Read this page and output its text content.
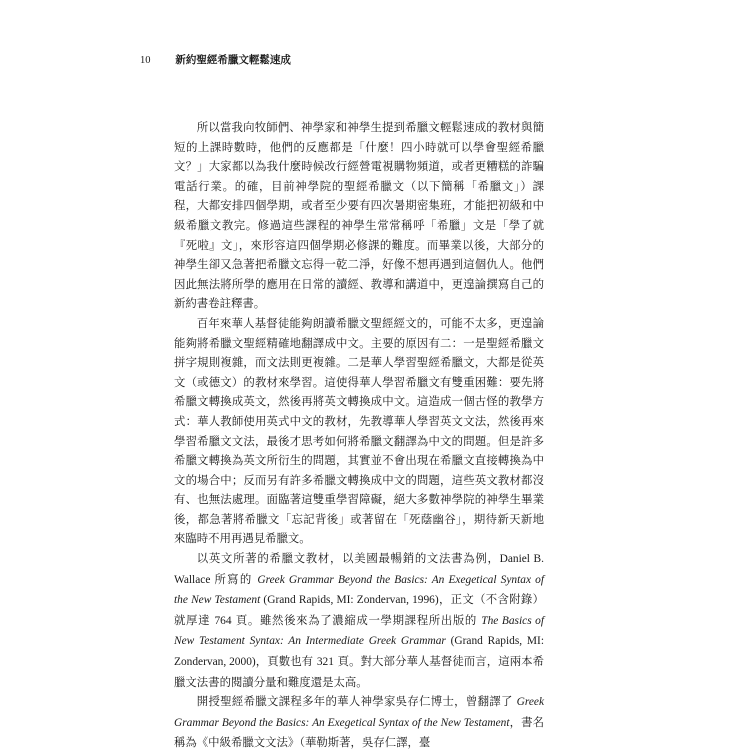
10 新約聖經希臘文輕鬆速成

所以當我向牧師們、神學家和神學生提到希臘文輕鬆速成的教材與簡短的上課時數時，他們的反應都是「什麼！四小時就可以學會聖經希臘文？」大家都以為我什麼時候改行經營電視購物頻道，或者更糟糕的詐騙電話行業。的確，目前神學院的聖經希臘文（以下簡稱「希臘文」）課程，大都安排四個學期，或者至少要有四次暑期密集班，才能把初級和中級希臘文教完。修過這些課程的神學生常常稱呼「希臘」文是「學了就『死啦』文」，來形容這四個學期必修課的難度。而畢業以後，大部分的神學生卻又急著把希臘文忘得一乾二淨，好像不想再遇到這個仇人。他們因此無法將所學的應用在日常的讀經、教導和講道中，更遑論撰寫自己的新約書卷註釋書。

百年來華人基督徒能夠朗讀希臘文聖經經文的，可能不太多，更遑論能夠將希臘文聖經精確地翻譯成中文。主要的原因有二：一是聖經希臘文拼字規則複雜，而文法則更複雜。二是華人學習聖經希臘文，大都是從英文（或德文）的教材來學習。這使得華人學習希臘文有雙重困難：要先將希臘文轉換成英文，然後再將英文轉換成中文。這造成一個古怪的教學方式：華人教師使用英式中文的教材，先教導華人學習英文文法，然後再來學習希臘文文法，最後才思考如何將希臘文翻譯為中文的問題。但是許多希臘文轉換為英文所衍生的問題，其實並不會出現在希臘文直接轉換為中文的場合中；反而另有許多希臘文轉換成中文的問題，這些英文教材都沒有、也無法處理。面臨著這雙重學習障礙，絕大多數神學院的神學生畢業後，都急著將希臘文「忘記背後」或著留在「死蔭幽谷」，期待新天新地來臨時不用再遇見希臘文。

以英文所著的希臘文教材，以美國最暢銷的文法書為例，Daniel B. Wallace 所寫的 Greek Grammar Beyond the Basics: An Exegetical Syntax of the New Testament (Grand Rapids, MI: Zondervan, 1996)，正文（不含附錄）就厚達 764 頁。雖然後來為了濃縮成一學期課程所出版的 The Basics of New Testament Syntax: An Intermediate Greek Grammar (Grand Rapids, MI: Zondervan, 2000)，頁數也有 321 頁。對大部分華人基督徒而言，這兩本希臘文法書的閱讀分量和難度還是太高。

開授聖經希臘文課程多年的華人神學家吳存仁博士，曾翻譯了 Greek Grammar Beyond the Basics: An Exegetical Syntax of the New Testament，書名稱為《中級希臘文文法》（華勒斯著，吳存仁譯，臺
